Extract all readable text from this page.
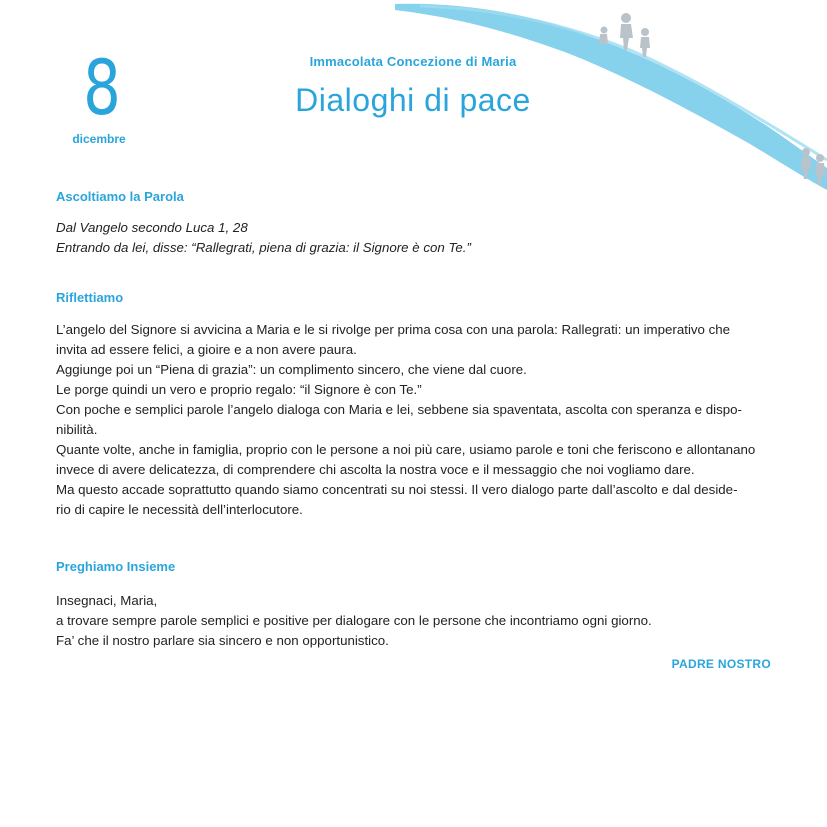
8
dicembre
Immacolata Concezione di Maria
Dialoghi di pace
Ascoltiamo la Parola

Dal Vangelo secondo Luca 1, 28

Entrando da lei, disse: “Rallegrati, piena di grazia: il Signore è con Te.”

Riflettiamo

L’angelo del Signore si avvicina a Maria e le si rivolge per prima cosa con una parola: Rallegrati: un imperativo che

invita ad essere felici, a gioire e a non avere paura.

Aggiunge poi un “Piena di grazia”: un complimento sincero, che viene dal cuore.

Le porge quindi un vero e proprio regalo: “il Signore è con Te.”

Con poche e semplici parole l’angelo dialoga con Maria e lei, sebbene sia spaventata, ascolta con speranza e dispo-

nibilità.

Quante volte, anche in famiglia, proprio con le persone a noi più care, usiamo parole e toni che feriscono e allontanano

invece di avere delicatezza, di comprendere chi ascolta la nostra voce e il messaggio che noi vogliamo dare.

Ma questo accade soprattutto quando siamo concentrati su noi stessi. Il vero dialogo parte dall’ascolto e dal deside-

rio di capire le necessità dell’interlocutore.

Preghiamo Insieme

Insegnaci, Maria,

a trovare sempre parole semplici e positive per dialogare con le persone che incontriamo ogni giorno.

Fa’ che il nostro parlare sia sincero e non opportunistico.

PADRE NOSTRO
